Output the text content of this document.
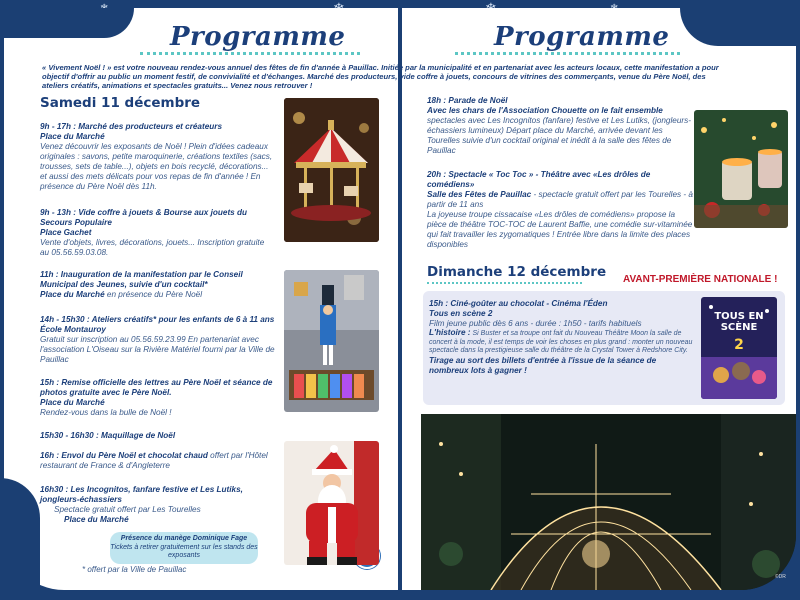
Programme	Programme
« Vivement Noël ! » est votre nouveau rendez-vous annuel des fêtes de fin d'année à Pauillac. Initiée par la municipalité et en partenariat avec les acteurs locaux, cette manifestation a pour objectif d'offrir au public un moment festif, de convivialité et d'échanges. Marché des producteurs, vide coffre à jouets, concours de vitrines des commerçants, venue du Père Noël, des ateliers créatifs, animations et spectacles gratuits... Venez nous retrouver !
Samedi 11 décembre
9h - 17h : Marché des producteurs et créateurs
Place du Marché
Venez découvrir les exposants de Noël ! Plein d'idées cadeaux originales : savons, petite maroquinerie, créations textiles (sacs, trousses, sets de table...), objets en bois recyclé, décorations... et aussi des mets délicats pour vos repas de fin d'année ! En présence du Père Noël dès 11h.
9h - 13h : Vide coffre à jouets & Bourse aux jouets du Secours Populaire
Place Gachet
Vente d'objets, livres, décorations, jouets... Inscription gratuite au 05.56.59.03.08.
11h : Inauguration de la manifestation par le Conseil Municipal des Jeunes, suivie d'un cocktail*
Place du Marché en présence du Père Noël
14h - 15h30 : Ateliers créatifs* pour les enfants de 6 à 11 ans
École Montauroy
Gratuit sur inscription au 05.56.59.23.99 En partenariat avec l'association L'Oiseau sur la Rivière Matériel fourni par la Ville de Pauillac
15h : Remise officielle des lettres au Père Noël et séance de photos gratuite avec le Père Noël.
Place du Marché
Rendez-vous dans la bulle de Noël !
15h30 - 16h30 : Maquillage de Noël
16h : Envol du Père Noël et chocolat chaud offert par l'Hôtel restaurant de France & d'Angleterre
16h30 : Les Incognitos, fanfare festive et Les Lutiks, jongleurs-échassiers
Spectacle gratuit offert par Les Tourelles
Place du Marché
Présence du manège Dominique Fage
Tickets à retirer gratuitement sur les stands des exposants
* offert par la Ville de Pauillac
18h : Parade de Noël
Avec les chars de l'Association Chouette on le fait ensemble
spectacles avec Les Incognitos (fanfare) festive et Les Lutiks, (jongleurs-échassiers lumineux) Départ place du Marché, arrivée devant les Tourelles suivie d'un cocktail original et inédit à la salle des fêtes de Pauillac
20h : Spectacle « Toc Toc » - Théâtre avec «Les drôles de comédiens»
Salle des Fêtes de Pauillac - spectacle gratuit offert par les Tourelles - à partir de 11 ans
La joyeuse troupe cissacaise «Les drôles de comédiens» propose la pièce de théâtre TOC-TOC de Laurent Baffie, une comédie sur-vitaminée qui fait travailler les zygomatiques ! Entrée libre dans la limite des places disponibles
Dimanche 12 décembre AVANT-PREMIÈRE NATIONALE !
15h : Ciné-goûter au chocolat - Cinéma l'Éden
Tous en scène 2
Film jeune public dès 6 ans - durée : 1h50 - tarifs habituels
L'histoire : Si Buster et sa troupe ont fait du Nouveau Théâtre Moon la salle de concert à la mode, il est temps de voir les choses en plus grand : monter un nouveau spectacle dans la prestigieuse salle du théâtre de la Crystal Tower à Redshore City.
Tirage au sort des billets d'entrée à l'issue de la séance de nombreux lots à gagner !
TOUS EN SCÈNE
2
©DR
